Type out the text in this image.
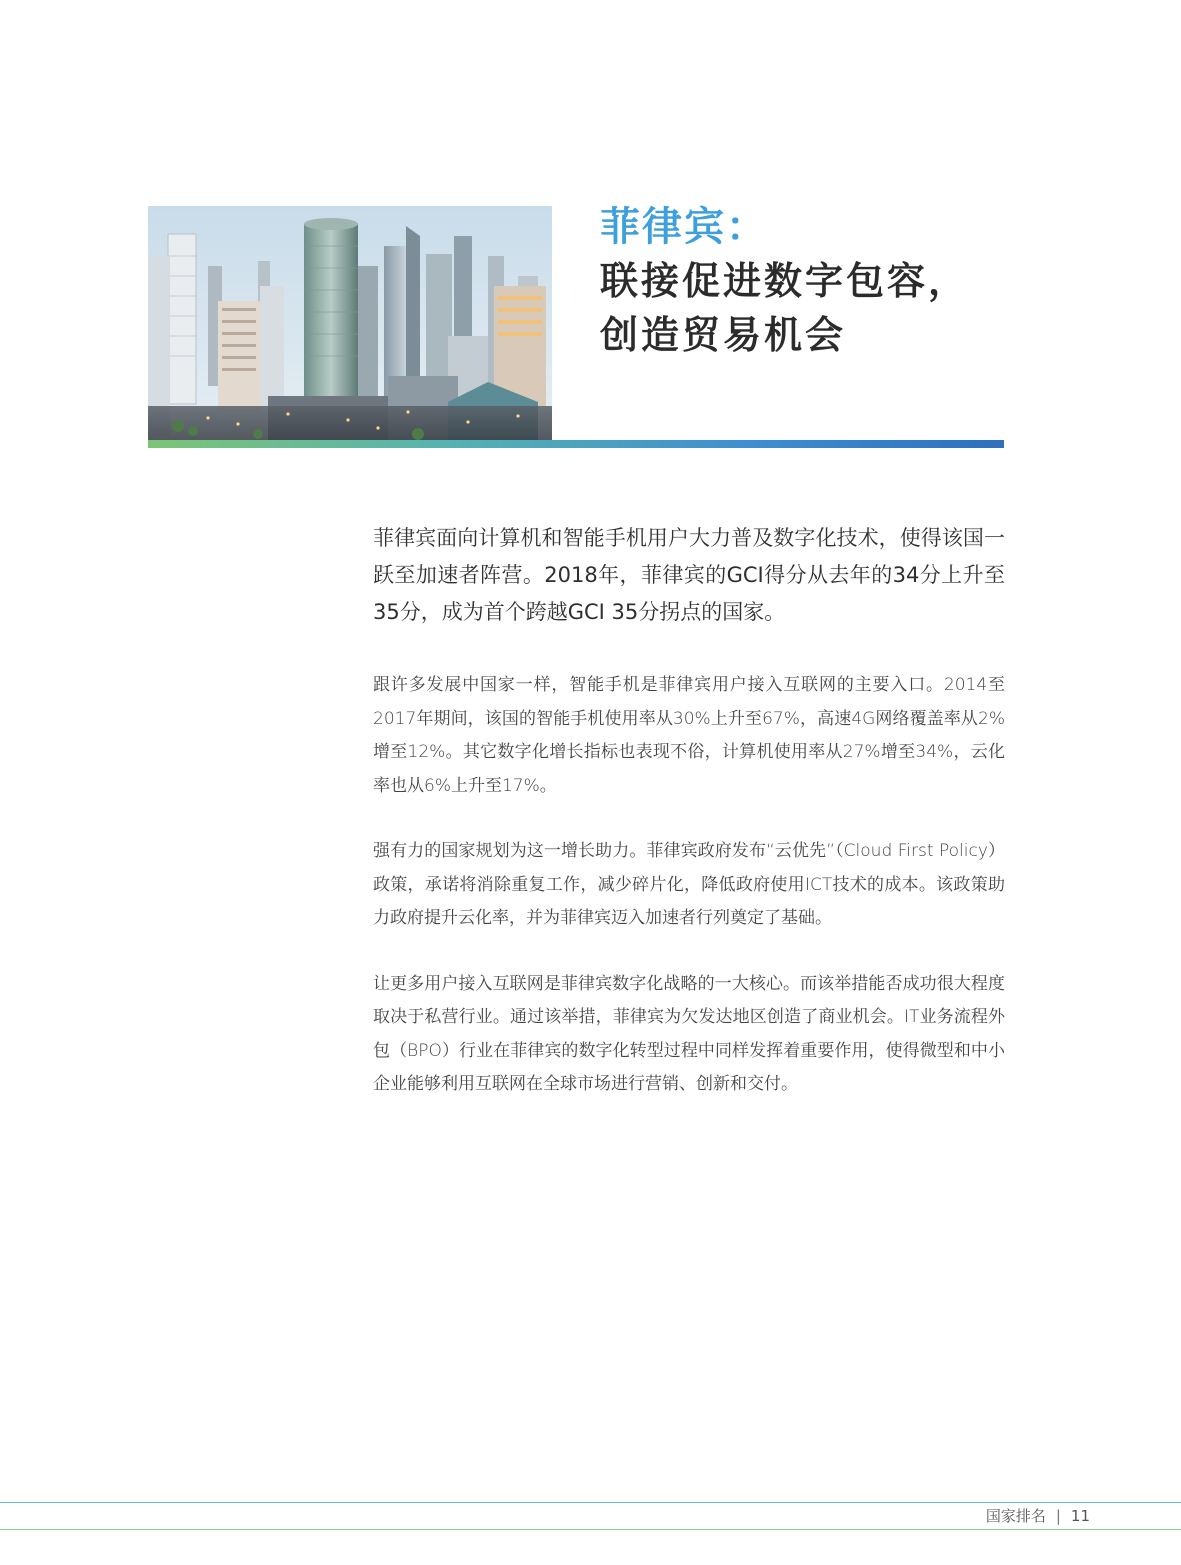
菲律宾：
联接促进数字包容，
创造贸易机会

菲律宾面向计算机和智能手机用户大力普及数字化技术，使得该国一跃至加速者阵营。2018年，菲律宾的GCI得分从去年的34分上升至35分，成为首个跨越GCI 35分拐点的国家。

跟许多发展中国家一样，智能手机是菲律宾用户接入互联网的主要入口。2014至2017年期间，该国的智能手机使用率从30%上升至67%，高速4G网络覆盖率从2%增至12%。其它数字化增长指标也表现不俗，计算机使用率从27%增至34%，云化率也从6%上升至17%。

强有力的国家规划为这一增长助力。菲律宾政府发布“云优先”（Cloud First Policy）政策，承诺将消除重复工作，减少碎片化，降低政府使用ICT技术的成本。该政策助力政府提升云化率，并为菲律宾迈入加速者行列奠定了基础。

让更多用户接入互联网是菲律宾数字化战略的一大核心。而该举措能否成功很大程度取决于私营行业。通过该举措，菲律宾为欠发达地区创造了商业机会。IT业务流程外包（BPO）行业在菲律宾的数字化转型过程中同样发挥着重要作用，使得微型和中小企业能够利用互联网在全球市场进行营销、创新和交付。

国家排名 | 11
